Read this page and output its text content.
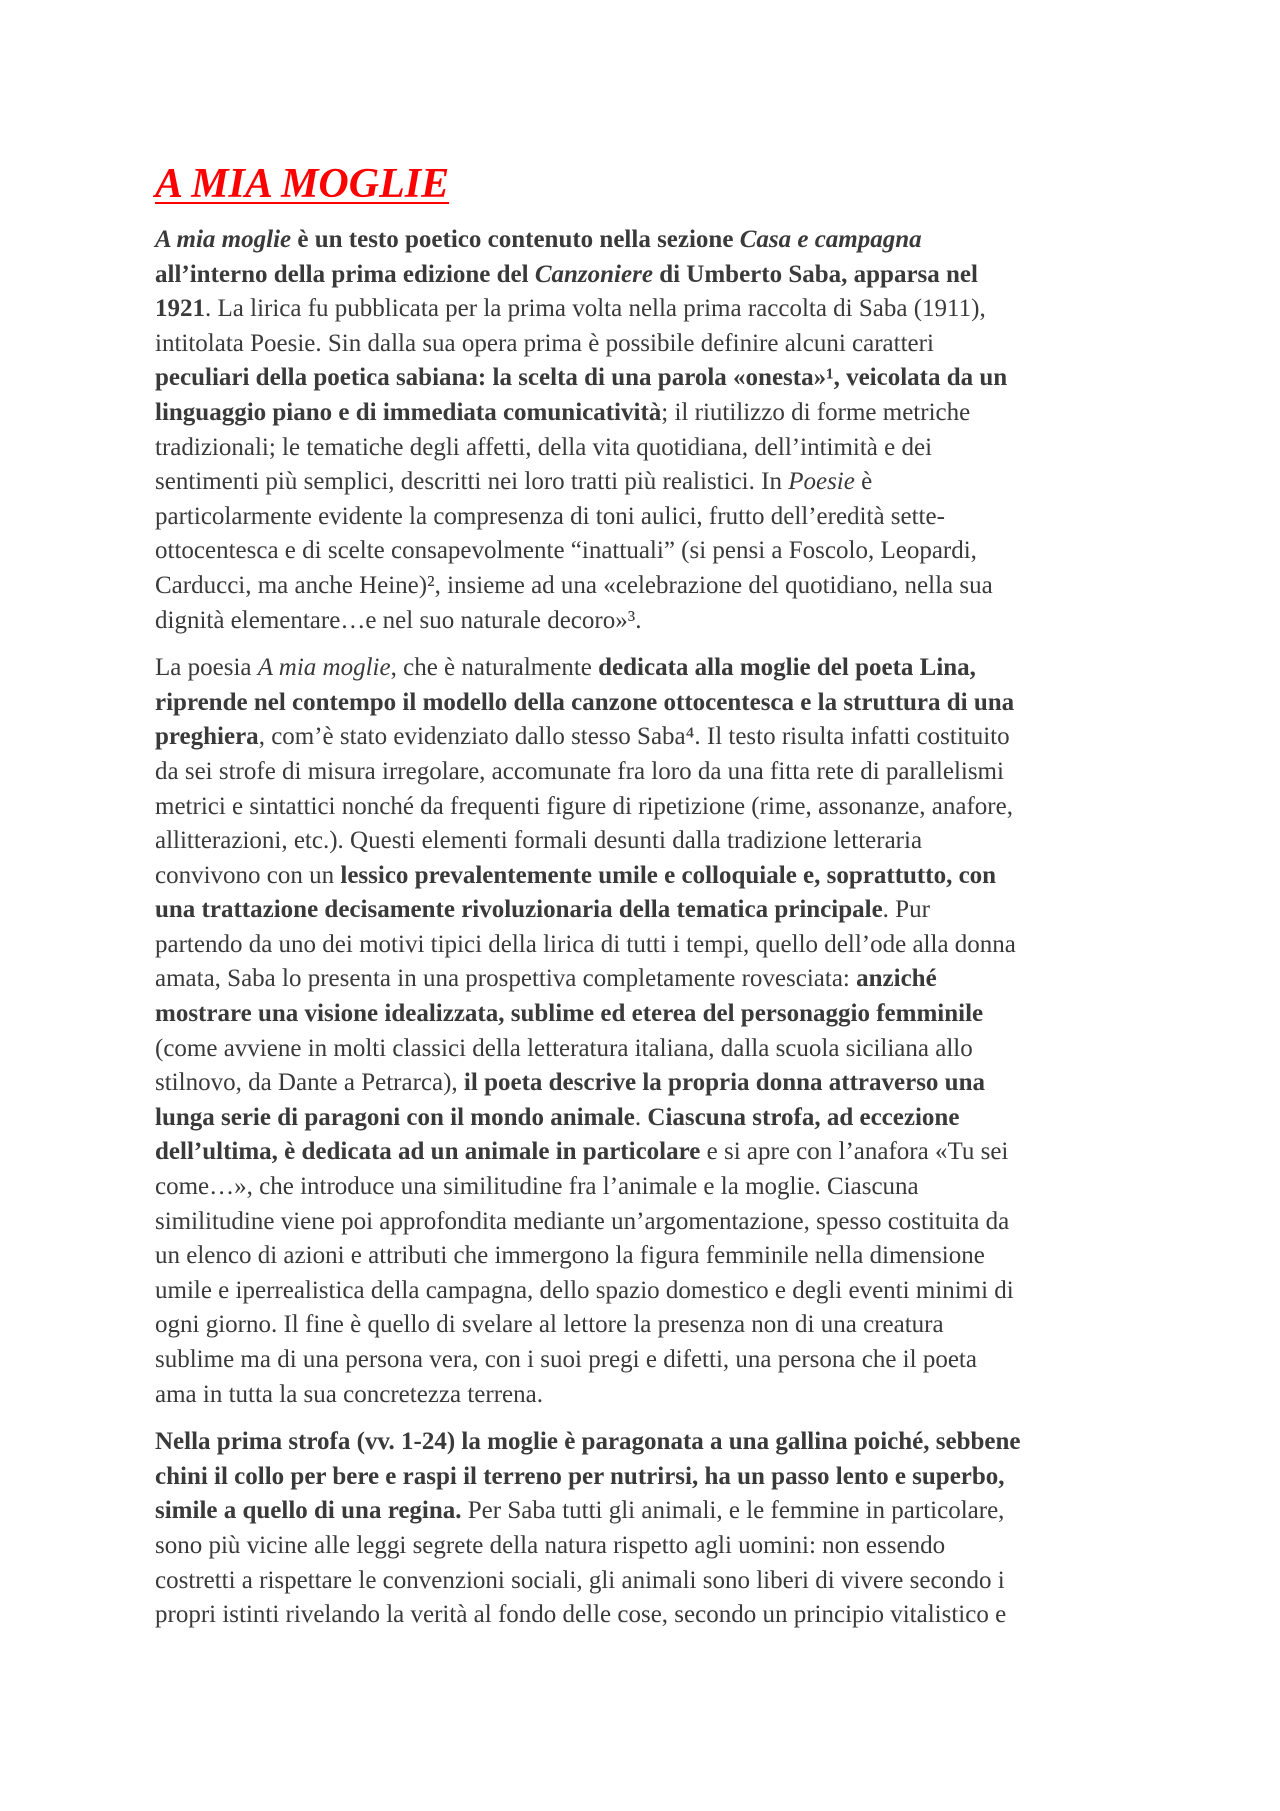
A MIA MOGLIE

A mia moglie è un testo poetico contenuto nella sezione Casa e campagna
all’interno della prima edizione del Canzoniere di Umberto Saba, apparsa nel
1921. La lirica fu pubblicata per la prima volta nella prima raccolta di Saba (1911),
intitolata Poesie. Sin dalla sua opera prima è possibile definire alcuni caratteri
peculiari della poetica sabiana: la scelta di una parola «onesta»¹, veicolata da un
linguaggio piano e di immediata comunicatività; il riutilizzo di forme metriche
tradizionali; le tematiche degli affetti, della vita quotidiana, dell’intimità e dei
sentimenti più semplici, descritti nei loro tratti più realistici. In Poesie è
particolarmente evidente la compresenza di toni aulici, frutto dell’eredità sette-
ottocentesca e di scelte consapevolmente “inattuali” (si pensi a Foscolo, Leopardi,
Carducci, ma anche Heine)², insieme ad una «celebrazione del quotidiano, nella sua
dignità elementare…e nel suo naturale decoro»³.

La poesia A mia moglie, che è naturalmente dedicata alla moglie del poeta Lina,
riprende nel contempo il modello della canzone ottocentesca e la struttura di una
preghiera, com’è stato evidenziato dallo stesso Saba⁴. Il testo risulta infatti costituito
da sei strofe di misura irregolare, accomunate fra loro da una fitta rete di parallelismi
metrici e sintattici nonché da frequenti figure di ripetizione (rime, assonanze, anafore,
allitterazioni, etc.). Questi elementi formali desunti dalla tradizione letteraria
convivono con un lessico prevalentemente umile e colloquiale e, soprattutto, con
una trattazione decisamente rivoluzionaria della tematica principale. Pur
partendo da uno dei motivi tipici della lirica di tutti i tempi, quello dell’ode alla donna
amata, Saba lo presenta in una prospettiva completamente rovesciata: anziché
mostrare una visione idealizzata, sublime ed eterea del personaggio femminile
(come avviene in molti classici della letteratura italiana, dalla scuola siciliana allo
stilnovo, da Dante a Petrarca), il poeta descrive la propria donna attraverso una
lunga serie di paragoni con il mondo animale. Ciascuna strofa, ad eccezione
dell’ultima, è dedicata ad un animale in particolare e si apre con l’anafora «Tu sei
come…», che introduce una similitudine fra l’animale e la moglie. Ciascuna
similitudine viene poi approfondita mediante un’argomentazione, spesso costituita da
un elenco di azioni e attributi che immergono la figura femminile nella dimensione
umile e iperrealistica della campagna, dello spazio domestico e degli eventi minimi di
ogni giorno. Il fine è quello di svelare al lettore la presenza non di una creatura
sublime ma di una persona vera, con i suoi pregi e difetti, una persona che il poeta
ama in tutta la sua concretezza terrena.

Nella prima strofa (vv. 1-24) la moglie è paragonata a una gallina poiché, sebbene
chini il collo per bere e raspi il terreno per nutrirsi, ha un passo lento e superbo,
simile a quello di una regina. Per Saba tutti gli animali, e le femmine in particolare,
sono più vicine alle leggi segrete della natura rispetto agli uomini: non essendo
costretti a rispettare le convenzioni sociali, gli animali sono liberi di vivere secondo i
propri istinti rivelando la verità al fondo delle cose, secondo un principio vitalistico e
